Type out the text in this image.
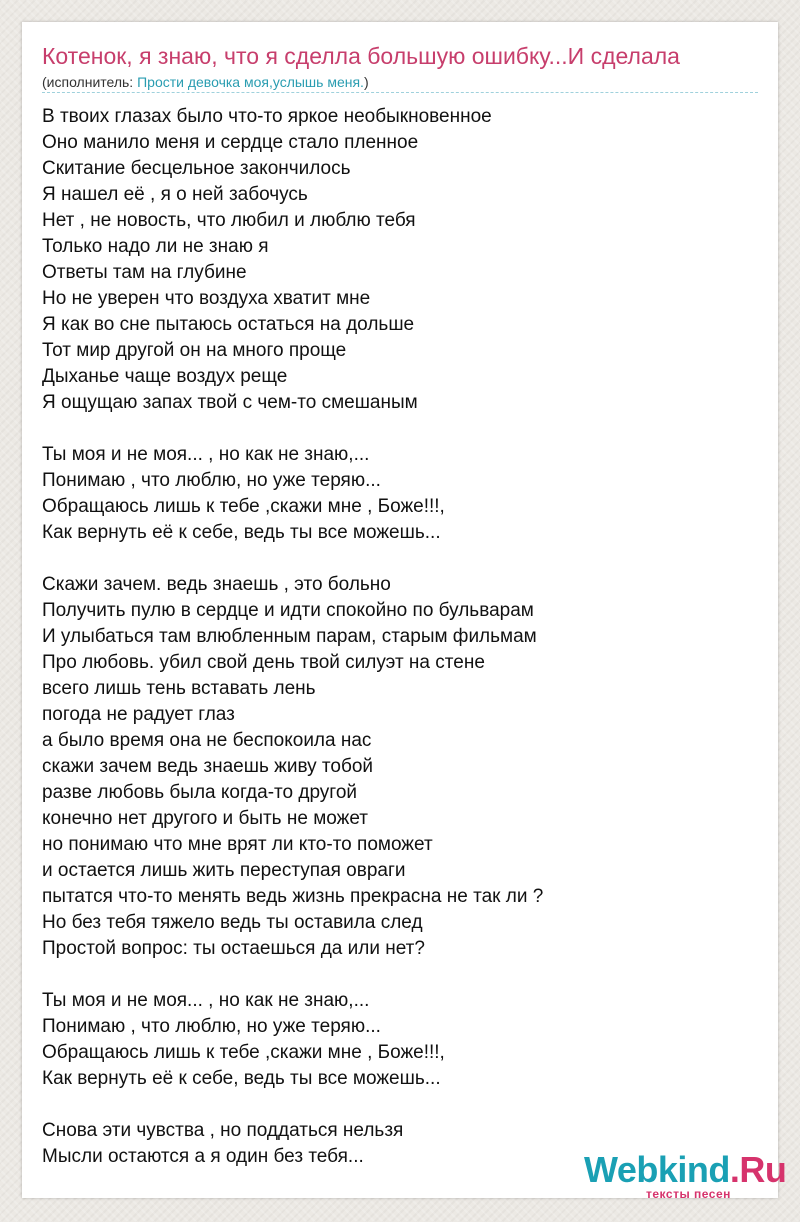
Котенок, я знаю, что я сделла большую ошибку...И сделала
(исполнитель: Прости девочка моя,услышь меня.)
В твоих глазах было что-то яркое необыкновенное
Оно манило меня и сердце стало пленное
Скитание бесцельное закончилось
Я нашел её , я о ней забочусь
Нет , не новость, что любил и люблю тебя
Только надо ли не знаю я
Ответы там на глубине
Но не уверен что воздуха хватит мне
Я как во сне пытаюсь остаться на дольше
Тот мир другой он на много проще
Дыханье чаще воздух реще
Я ощущаю запах твой с чем-то смешаным
Ты моя и не моя... , но как не знаю,...
Понимаю , что люблю, но уже теряю...
Обращаюсь лишь к тебе ,скажи мне , Боже!!!,
Как вернуть её к себе, ведь ты все можешь...
Скажи зачем. ведь знаешь , это больно
Получить пулю в сердце и идти спокойно по бульварам
И улыбаться там влюбленным парам, старым фильмам
Про любовь. убил свой день твой силуэт на стене
всего лишь тень вставать лень
погода не радует глаз
а было время она не беспокоила нас
скажи зачем ведь знаешь живу тобой
разве любовь была когда-то другой
конечно нет другого и быть не может
но понимаю что мне врят ли кто-то поможет
и остается лишь жить переступая овраги
пытатся что-то менять ведь жизнь прекрасна не так ли ?
Но без тебя тяжело ведь ты оставила след
Простой вопрос: ты остаешься да или нет?
Ты моя и не моя... , но как не знаю,...
Понимаю , что люблю, но уже теряю...
Обращаюсь лишь к тебе ,скажи мне , Боже!!!,
Как вернуть её к себе, ведь ты все можешь...
Снова эти чувства , но поддаться нельзя
Мысли остаются а я один без тебя...	Webkind.Ru
тексты песен
